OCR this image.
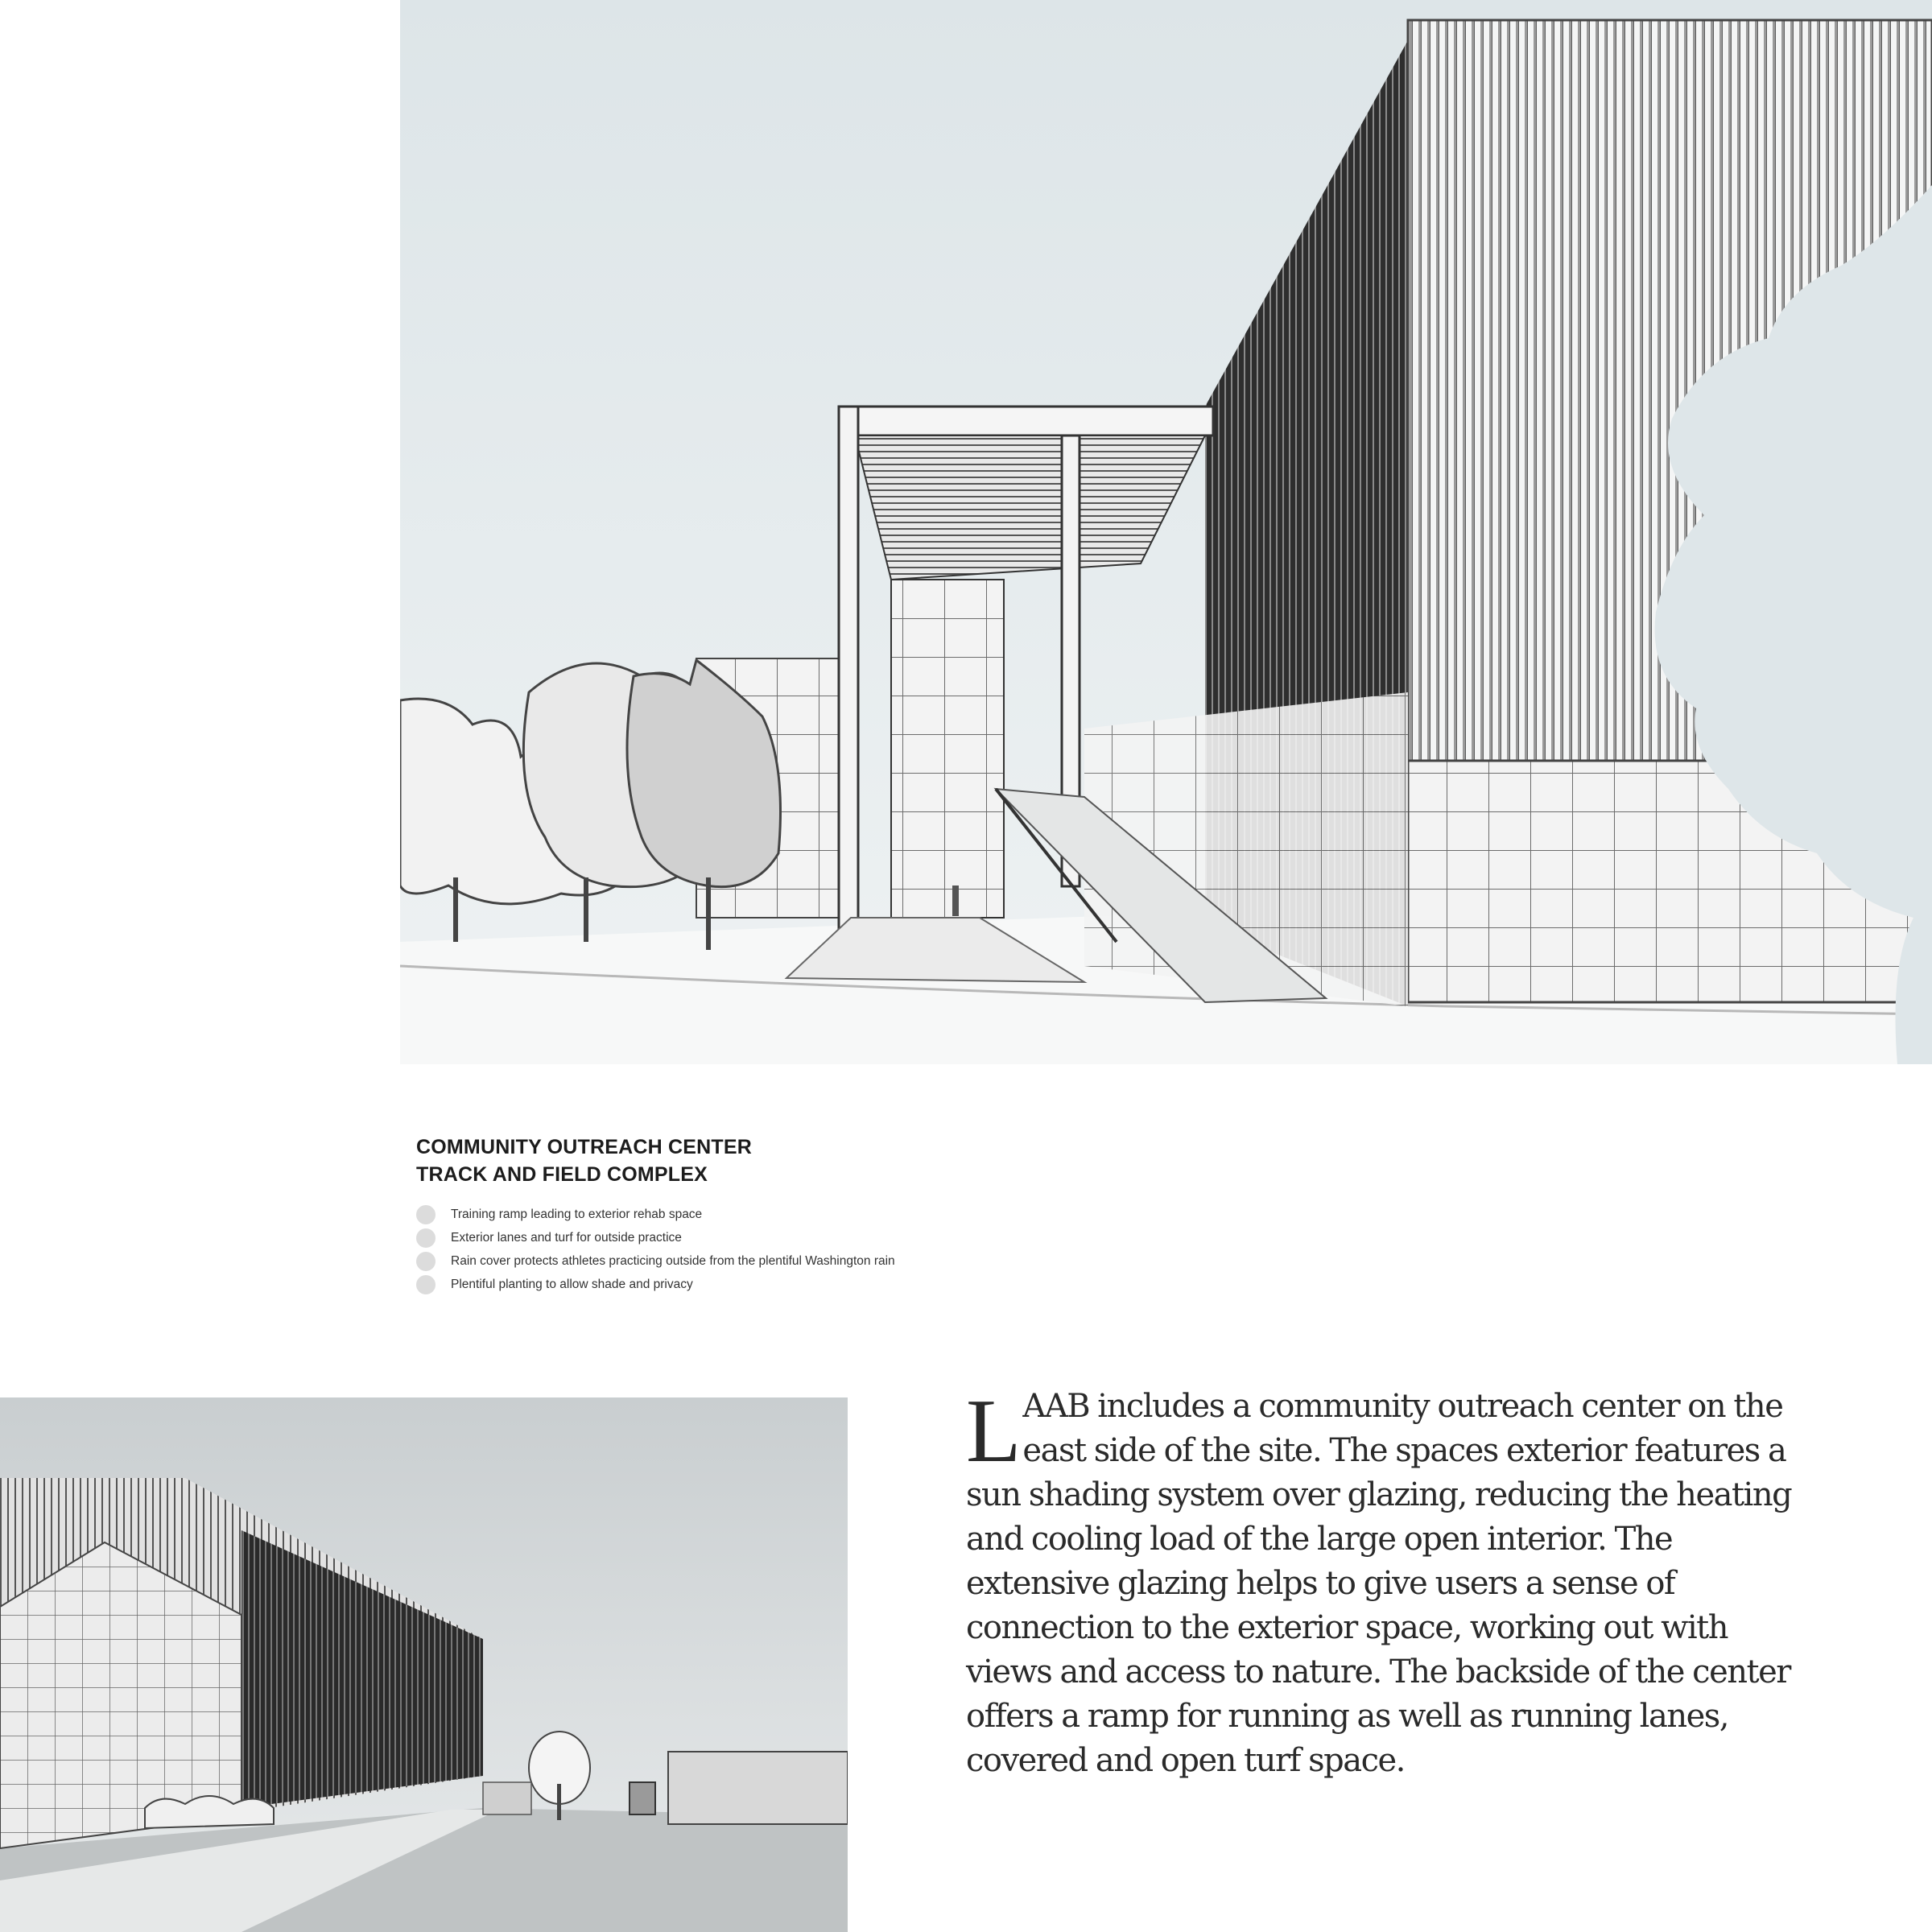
COMMUNITY OUTREACH CENTER

TRACK AND FIELD COMPLEX

Training ramp leading to exterior rehab space
Exterior lanes and turf for outside practice
Rain cover protects athletes practicing outside from the plentiful Washington rain
Plentiful planting to allow shade and privacy

LAAB includes a community outreach center on the east side of the site. The spaces exterior features a sun shading system over glazing, reducing the heating and cooling load of the large open interior. The extensive glazing helps to give users a sense of connection to the exterior space, working out with views and access to nature. The backside of the center offers a ramp for running as well as running lanes, covered and open turf space.
